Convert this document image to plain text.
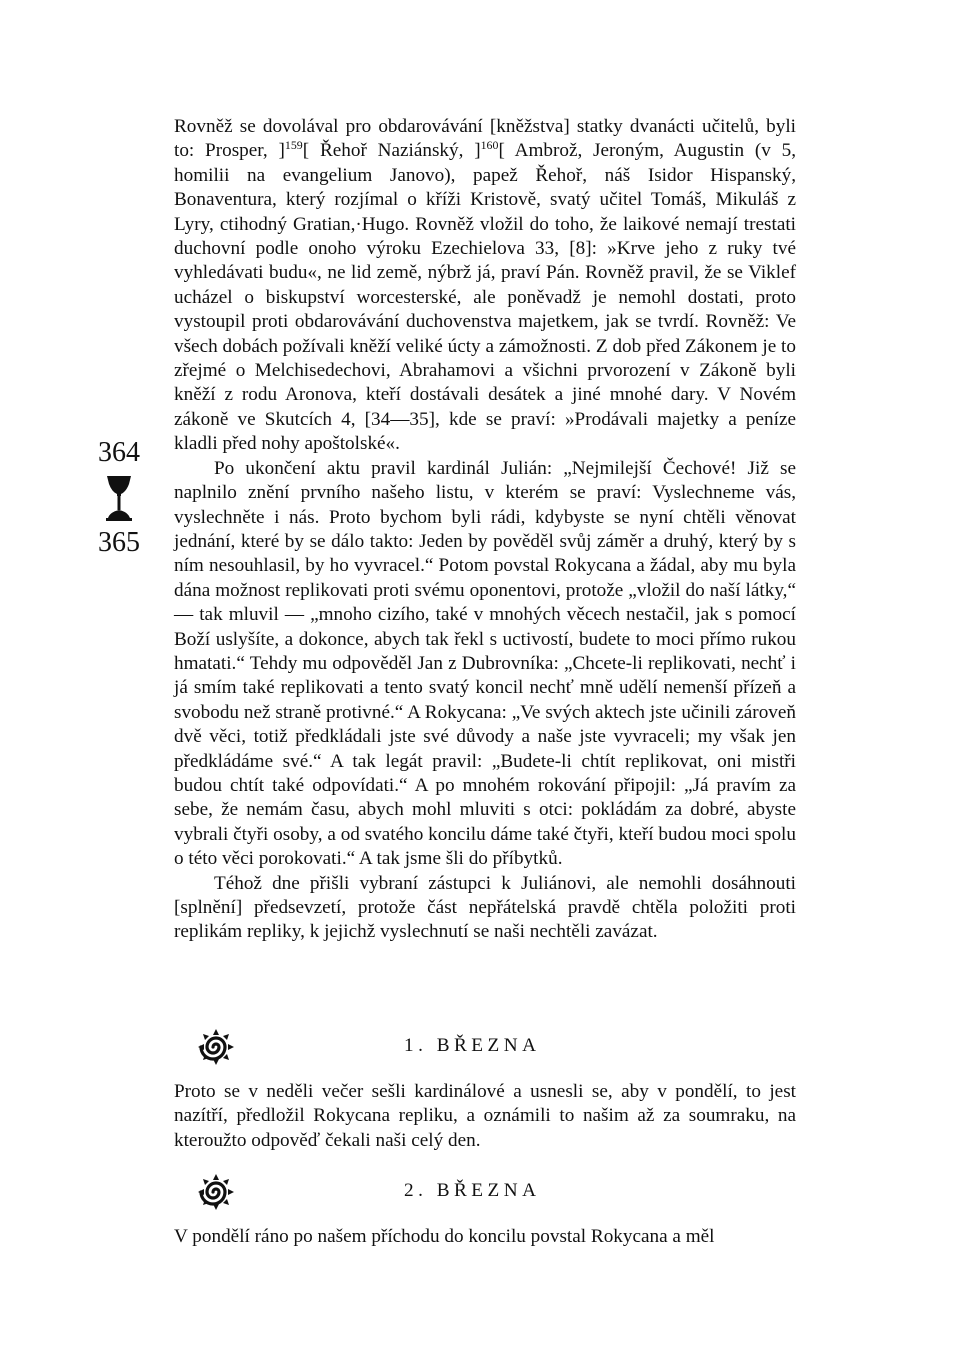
364
365

Rovněž se dovolával pro obdarovávání [kněžstva] statky dvanácti učitelů, byli to: Prosper, ]$^{159}$[ Řehoř Naziánský, ]$^{160}$[ Ambrož, Jeroným, Augustin (v 5, homilii na evangelium Janovo), papež Řehoř, náš Isidor Hispanský, Bonaventura, který rozjímal o kříži Kristově, svatý učitel Tomáš, Mikuláš z Lyry, ctihodný Gratian,·Hugo. Rovněž vložil do toho, že laikové nemají trestati duchovní podle onoho výroku Ezechielova 33, [8]: »Krve jeho z ruky tvé vyhledávati budu«, ne lid země, nýbrž já, praví Pán. Rovněž pravil, že se Viklef ucházel o biskupství worcesterské, ale poněvadž je nemohl dostati, proto vystoupil proti obdarovávání duchovenstva majetkem, jak se tvrdí. Rovněž: Ve všech dobách požívali kněží veliké úcty a zámožnosti. Z dob před Zákonem je to zřejmé o Melchisedechovi, Abrahamovi a všichni prvorození v Zákoně byli kněží z rodu Aronova, kteří dostávali desátek a jiné mnohé dary. V Novém zákoně ve Skutcích 4, [34—35], kde se praví: »Prodávali majetky a peníze kladli před nohy apoštolské«.

Po ukončení aktu pravil kardinál Julián: „Nejmilejší Čechové! Již se naplnilo znění prvního našeho listu, v kterém se praví: Vyslechneme vás, vyslechněte i nás. Proto bychom byli rádi, kdybyste se nyní chtěli věnovat jednání, které by se dálo takto: Jeden by pověděl svůj záměr a druhý, který by s ním nesouhlasil, by ho vyvracel.“ Potom povstal Rokycana a žádal, aby mu byla dána možnost replikovati proti svému oponentovi, protože „vložil do naší látky,“ — tak mluvil — „mnoho cizího, také v mnohých věcech nestačil, jak s pomocí Boží uslyšíte, a dokonce, abych tak řekl s uctivostí, budete to moci přímo rukou hmatati.“ Tehdy mu odpověděl Jan z Dubrovníka: „Chcete-li replikovati, nechť i já smím také replikovati a tento svatý koncil nechť mně udělí nemenší přízeň a svobodu než straně protivné.“ A Rokycana: „Ve svých aktech jste učinili zároveň dvě věci, totiž předkládali jste své důvody a naše jste vyvraceli; my však jen předkládáme své.“ A tak legát pravil: „Budete-li chtít replikovat, oni mistři budou chtít také odpovídati.“ A po mnohém rokování připojil: „Já pravím za sebe, že nemám času, abych mohl mluviti s otci: pokládám za dobré, abyste vybrali čtyři osoby, a od svatého koncilu dáme také čtyři, kteří budou moci spolu o této věci porokovati.“ A tak jsme šli do příbytků.

Téhož dne přišli vybraní zástupci k Juliánovi, ale nemohli dosáhnouti [splnění] předsevzetí, protože část nepřátelská pravdě chtěla položiti proti replikám repliky, k jejichž vyslechnutí se naši nechtěli zavázat.

1. BŘEZNA

Proto se v neděli večer sešli kardinálové a usnesli se, aby v pondělí, to jest nazítří, předložil Rokycana repliku, a oznámili to našim až za soumraku, na kteroužto odpověď čekali naši celý den.

2. BŘEZNA

V pondělí ráno po našem příchodu do koncilu povstal Rokycana a měl
